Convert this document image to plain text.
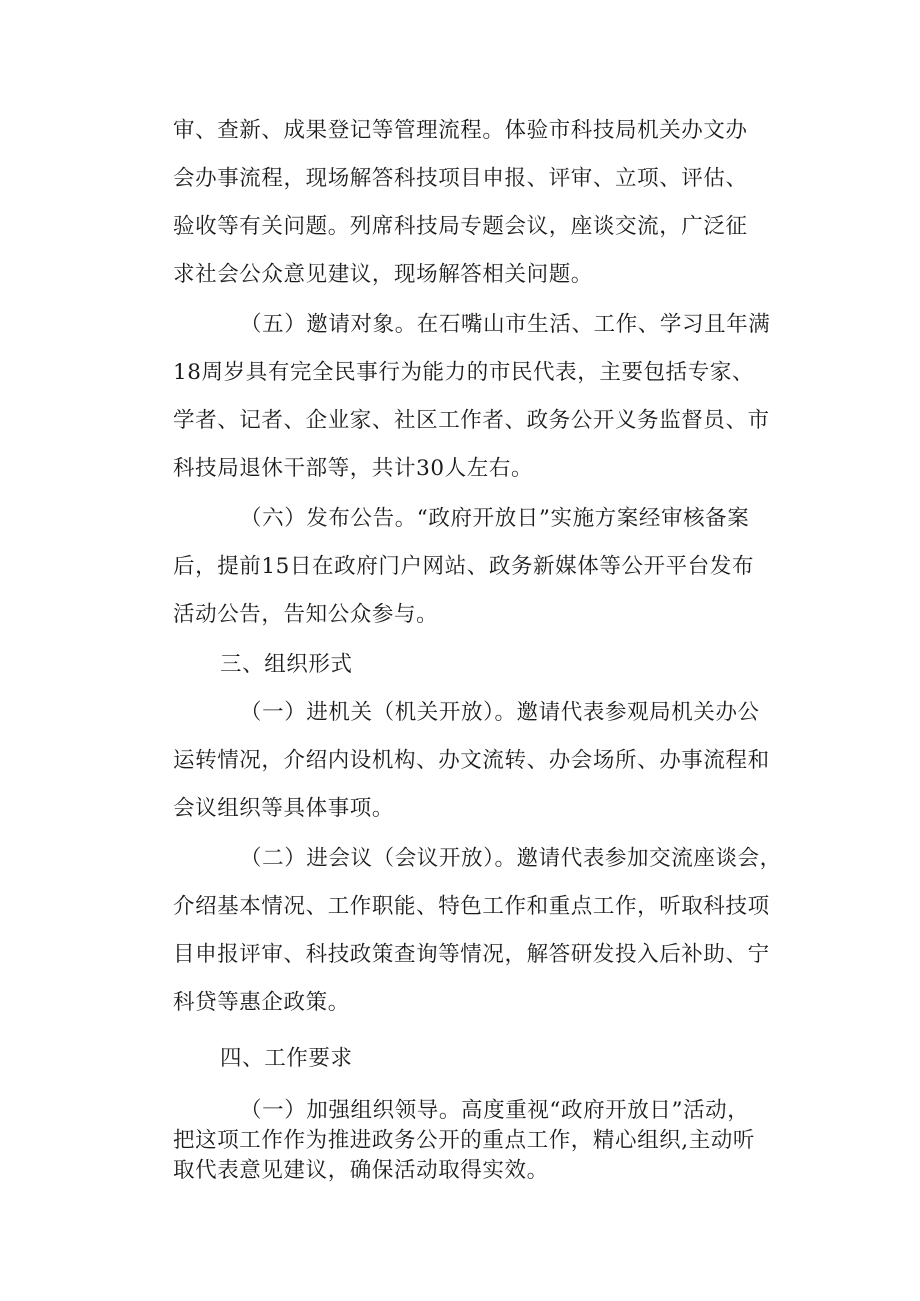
审、查新、成果登记等管理流程。体验市科技局机关办文办
会办事流程，现场解答科技项目申报、评审、立项、评估、
验收等有关问题。列席科技局专题会议，座谈交流，广泛征
求社会公众意见建议，现场解答相关问题。
（五）邀请对象。在石嘴山市生活、工作、学习且年满
18周岁具有完全民事行为能力的市民代表，主要包括专家、
学者、记者、企业家、社区工作者、政务公开义务监督员、市
科技局退休干部等，共计30人左右。
（六）发布公告。“政府开放日”实施方案经审核备案
后，提前15日在政府门户网站、政务新媒体等公开平台发布
活动公告，告知公众参与。
三、组织形式
（一）进机关（机关开放）。邀请代表参观局机关办公
运转情况，介绍内设机构、办文流转、办会场所、办事流程和
会议组织等具体事项。
（二）进会议（会议开放）。邀请代表参加交流座谈会，
介绍基本情况、工作职能、特色工作和重点工作，听取科技项
目申报评审、科技政策查询等情况，解答研发投入后补助、宁
科贷等惠企政策。
四、工作要求
（一）加强组织领导。高度重视“政府开放日”活动，
把这项工作作为推进政务公开的重点工作，精心组织,主动听
取代表意见建议，确保活动取得实效。
